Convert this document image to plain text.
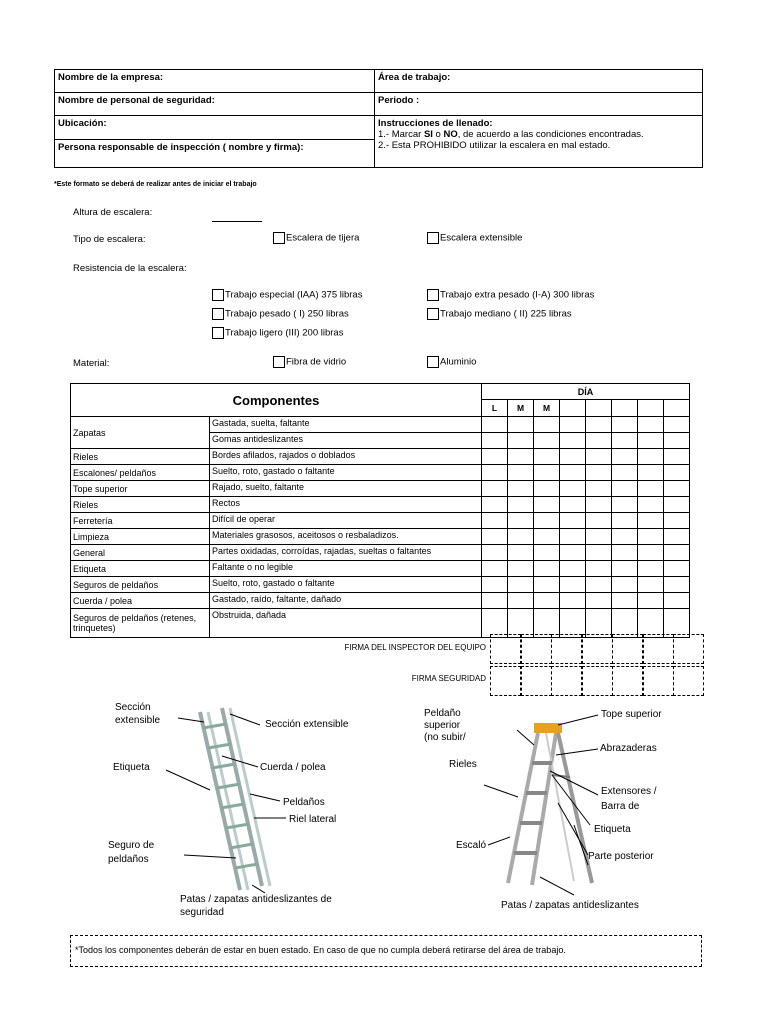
Nombre de la empresa:	Área de trabajo:
Nombre de personal de seguridad:	Periodo :
Ubicación:	Instrucciones de llenado:
1.- Marcar SI o NO, de acuerdo a las condiciones encontradas.
2.- Esta PROHIBIDO utilizar la escalera en mal estado.

Persona responsable de inspección ( nombre y firma):	
*Este formato se deberá de realizar antes de iniciar el trabajo
Altura de escalera:
Tipo de escalera:	Escalera de tijera	Escalera extensible
Resistencia de la escalera:
Trabajo especial (IAA) 375 libras	Trabajo extra pesado (I-A) 300 libras
Trabajo pesado ( I) 250 libras	Trabajo mediano ( II) 225 libras
Trabajo ligero (III) 200 libras
Material:	Fibra de vidrio	Aluminio
Componentes		DÍA							
		L	M	M					
Zapatas	Gastada, suelta, faltante								
	Gomas antideslizantes								
Rieles	Bordes afilados, rajados o doblados								
Escalones/ peldaños	Suelto, roto, gastado o faltante								
Tope superior	Rajado, suelto, faltante								
Rieles	Rectos								
Ferretería	Difícil de operar								
Limpieza	Materiales grasosos, aceitosos o resbaladizos.								
General	Partes oxidadas, corroídas, rajadas, sueltas o faltantes								
Etiqueta	Faltante o no legible								
Seguros de peldaños	Suelto, roto, gastado o faltante								
Cuerda / polea	Gastado, raído, faltante, dañado								
Seguros de peldaños (retenes, trinquetes)	Obstruida, dañada								
FIRMA DEL INSPECTOR DEL EQUIPO
FIRMA SEGURIDAD
Sección
extensible	Sección extensible
Etiqueta	Cuerda / polea
Peldaños
Riel lateral
Seguro de
peldaños
Patas / zapatas antideslizantes de
seguridad
Peldaño
superior
(no subir/
Tope superior
Abrazaderas
Rieles
Extensores /
Barra de
Etiqueta
Escaló
Parte posterior
Patas / zapatas antideslizantes
*Todos los componentes deberán de estar en buen estado. En caso de que no cumpla deberá retirarse del área de trabajo.
